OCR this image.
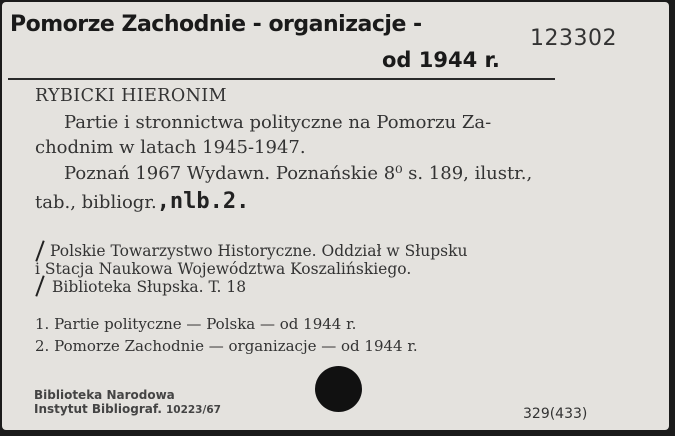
Pomorze Zachodnie - organizacje -
od 1944 r.
123302
RYBICKI HIERONIM
Partie i stronnictwa polityczne na Pomorzu Za-
chodnim w latach 1945-1947.
Poznań 1967 Wydawn. Poznańskie 8⁰ s. 189, ilustr.,
tab., bibliogr.,nlb.2.
Polskie Towarzystwo Historyczne. Oddział w Słupsku
i Stacja Naukowa Województwa Koszalińskiego.
Biblioteka Słupska. T. 18
1. Partie polityczne — Polska — od 1944 r.
2. Pomorze Zachodnie — organizacje — od 1944 r.
Biblioteka Narodowa
Instytut Bibliograf. 10223/67	329(433)
